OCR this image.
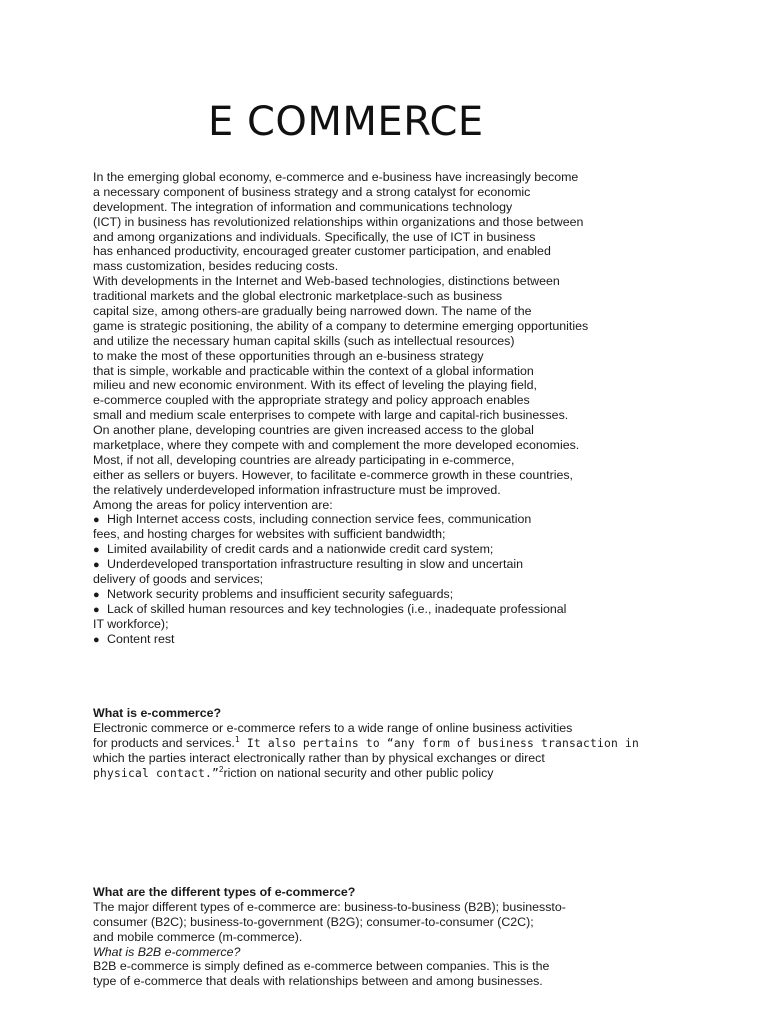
E COMMERCE
In the emerging global economy, e-commerce and e-business have increasingly become
a necessary component of business strategy and a strong catalyst for economic
development. The integration of information and communications technology
(ICT) in business has revolutionized relationships within organizations and those between
and among organizations and individuals. Specifically, the use of ICT in business
has enhanced productivity, encouraged greater customer participation, and enabled
mass customization, besides reducing costs.
With developments in the Internet and Web-based technologies, distinctions between
traditional markets and the global electronic marketplace-such as business
capital size, among others-are gradually being narrowed down. The name of the
game is strategic positioning, the ability of a company to determine emerging opportunities
and utilize the necessary human capital skills (such as intellectual resources)
to make the most of these opportunities through an e-business strategy
that is simple, workable and practicable within the context of a global information
milieu and new economic environment. With its effect of leveling the playing field,
e-commerce coupled with the appropriate strategy and policy approach enables
small and medium scale enterprises to compete with large and capital-rich businesses.
On another plane, developing countries are given increased access to the global
marketplace, where they compete with and complement the more developed economies.
Most, if not all, developing countries are already participating in e-commerce,
either as sellers or buyers. However, to facilitate e-commerce growth in these countries,
the relatively underdeveloped information infrastructure must be improved.
Among the areas for policy intervention are:
● High Internet access costs, including connection service fees, communication
fees, and hosting charges for websites with sufficient bandwidth;
● Limited availability of credit cards and a nationwide credit card system;
● Underdeveloped transportation infrastructure resulting in slow and uncertain
delivery of goods and services;
● Network security problems and insufficient security safeguards;
● Lack of skilled human resources and key technologies (i.e., inadequate professional
IT workforce);
● Content rest
What is e-commerce?
Electronic commerce or e-commerce refers to a wide range of online business activities
for products and services.$^1$ It also pertains to “any form of business transaction in
which the parties interact electronically rather than by physical exchanges or direct
physical contact.”$^2$riction on national security and other public policy
What are the different types of e-commerce?
The major different types of e-commerce are: business-to-business (B2B); businessto-
consumer (B2C); business-to-government (B2G); consumer-to-consumer (C2C);
and mobile commerce (m-commerce).
What is B2B e-commerce?
B2B e-commerce is simply defined as e-commerce between companies. This is the
type of e-commerce that deals with relationships between and among businesses.
